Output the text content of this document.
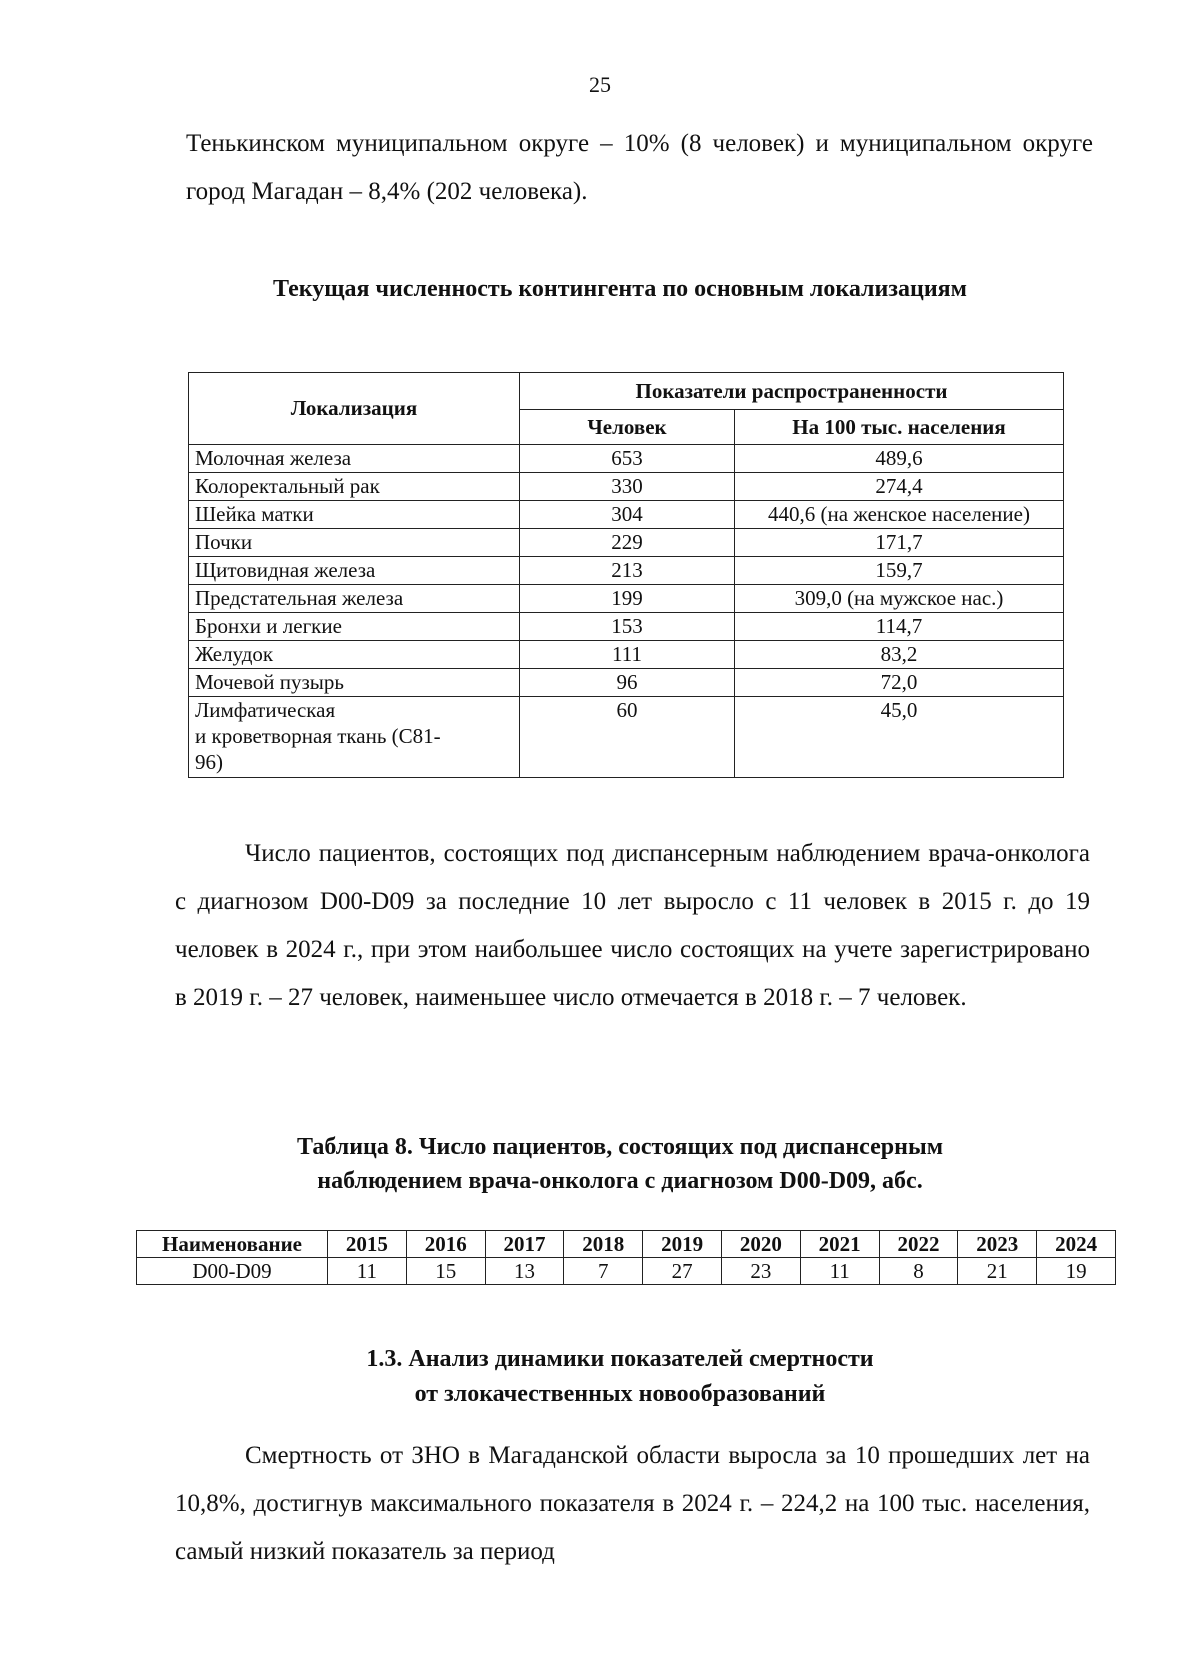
25

Тенькинском муниципальном округе – 10% (8 человек) и муниципальном округе город Магадан – 8,4% (202 человека).

Текущая численность контингента по основным локализациям
Локализация	Показатели распространенности	
	Человек	На 100 тыс. населения
Молочная железа	653	489,6
Колоректальный рак	330	274,4
Шейка матки	304	440,6 (на женское население)
Почки	229	171,7
Щитовидная железа	213	159,7
Предстательная железа	199	309,0 (на мужское нас.)
Бронхи и легкие	153	114,7
Желудок	111	83,2
Мочевой пузырь	96	72,0
Лимфатическая
и кроветворная ткань (С81-
96)	60	45,0

Число пациентов, состоящих под диспансерным наблюдением врача-онколога с диагнозом D00-D09 за последние 10 лет выросло с 11 человек в 2015 г. до 19 человек в 2024 г., при этом наибольшее число состоящих на учете зарегистрировано в 2019 г. – 27 человек, наименьшее число отмечается в 2018 г. – 7 человек.

Таблица 8. Число пациентов, состоящих под диспансерным
наблюдением врача-онколога с диагнозом D00-D09, абс.
Наименование	2015	2016	2017	2018	2019	2020	2021	2022	2023	2024
D00-D09	11	15	13	7	27	23	11	8	21	19
1.3. Анализ динамики показателей смертности
от злокачественных новообразований

Смертность от ЗНО в Магаданской области выросла за 10 прошедших лет на 10,8%, достигнув максимального показателя в 2024 г. – 224,2 на 100 тыс. населения, самый низкий показатель за период
